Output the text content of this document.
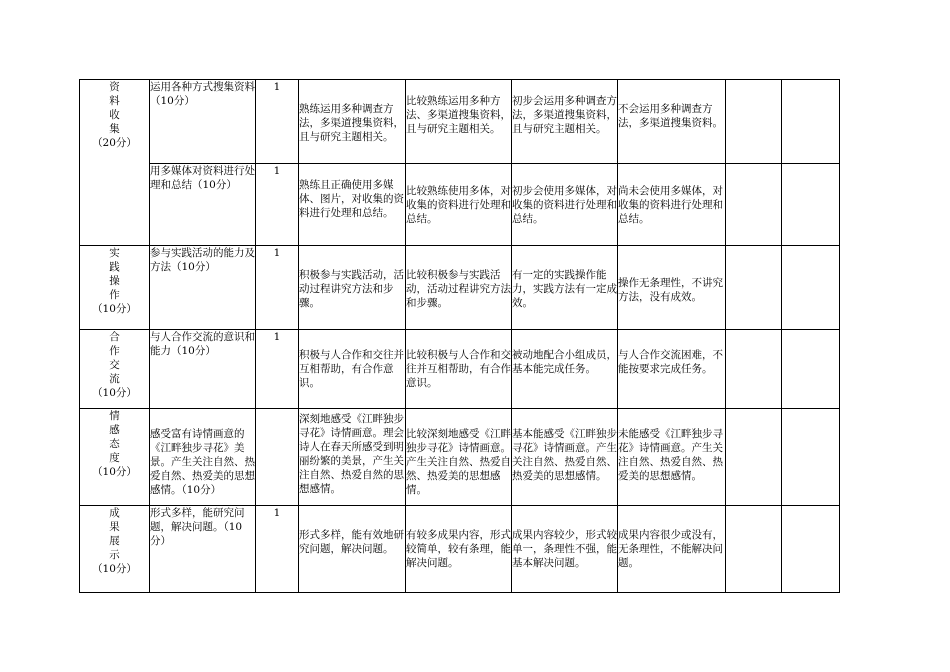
资
料
收
集
（20分）	运用各种方式搜集资料（10分）	1	熟练运用多种调查方法，多渠道搜集资料，且与研究主题相关。	比较熟练运用多种方法、多渠道搜集资料，且与研究主题相关。	初步会运用多种调查方法，多渠道搜集资料，且与研究主题相关。	不会运用多种调查方法，多渠道搜集资料。		
	用多媒体对资料进行处理和总结（10分）	1	熟练且正确使用多媒体、图片，对收集的资料进行处理和总结。	比较熟练使用多体，对收集的资料进行处理和总结。	初步会使用多媒体，对收集的资料进行处理和总结。	尚未会使用多媒体，对收集的资料进行处理和总结。		

实
践
操
作
（10分）	参与实践活动的能力及方法（10分）	1	积极参与实践活动，活动过程讲究方法和步骤。	比较积极参与实践活动，活动过程讲究方法和步骤。	有一定的实践操作能力，实践方法有一定成效。	操作无条理性，不讲究方法，没有成效。		

合
作
交
流
（10分）	与人合作交流的意识和能力（10分）	1	积极与人合作和交往并互相帮助，有合作意识。	比较积极与人合作和交往并互相帮助，有合作意识。	被动地配合小组成员，基本能完成任务。	与人合作交流困难，不能按要求完成任务。		

情
感
态
度
（10分）	感受富有诗情画意的《江畔独步寻花》美景。产生关注自然、热爱自然、热爱美的思想感情。（10分）		深刻地感受《江畔独步寻花》诗情画意。理会诗人在春天所感受到明丽纷繁的美景，产生关注自然、热爱自然的思想感情。	比较深刻地感受《江畔独步寻花》诗情画意。产生关注自然、热爱自然、热爱美的思想感情。	基本能感受《江畔独步寻花》诗情画意。产生关注自然、热爱自然、热爱美的思想感情。	未能感受《江畔独步寻花》诗情画意。产生关注自然、热爱自然、热爱美的思想感情。		

成
果
展
示
（10分）	形式多样，能研究问题，解决问题。（10分）	1	形式多样，能有效地研究问题，解决问题。	有较多成果内容，形式较简单，较有条理，能解决问题。	成果内容较少，形式较单一，条理性不强，能基本解决问题。	成果内容很少或没有，无条理性，不能解决问题。		
